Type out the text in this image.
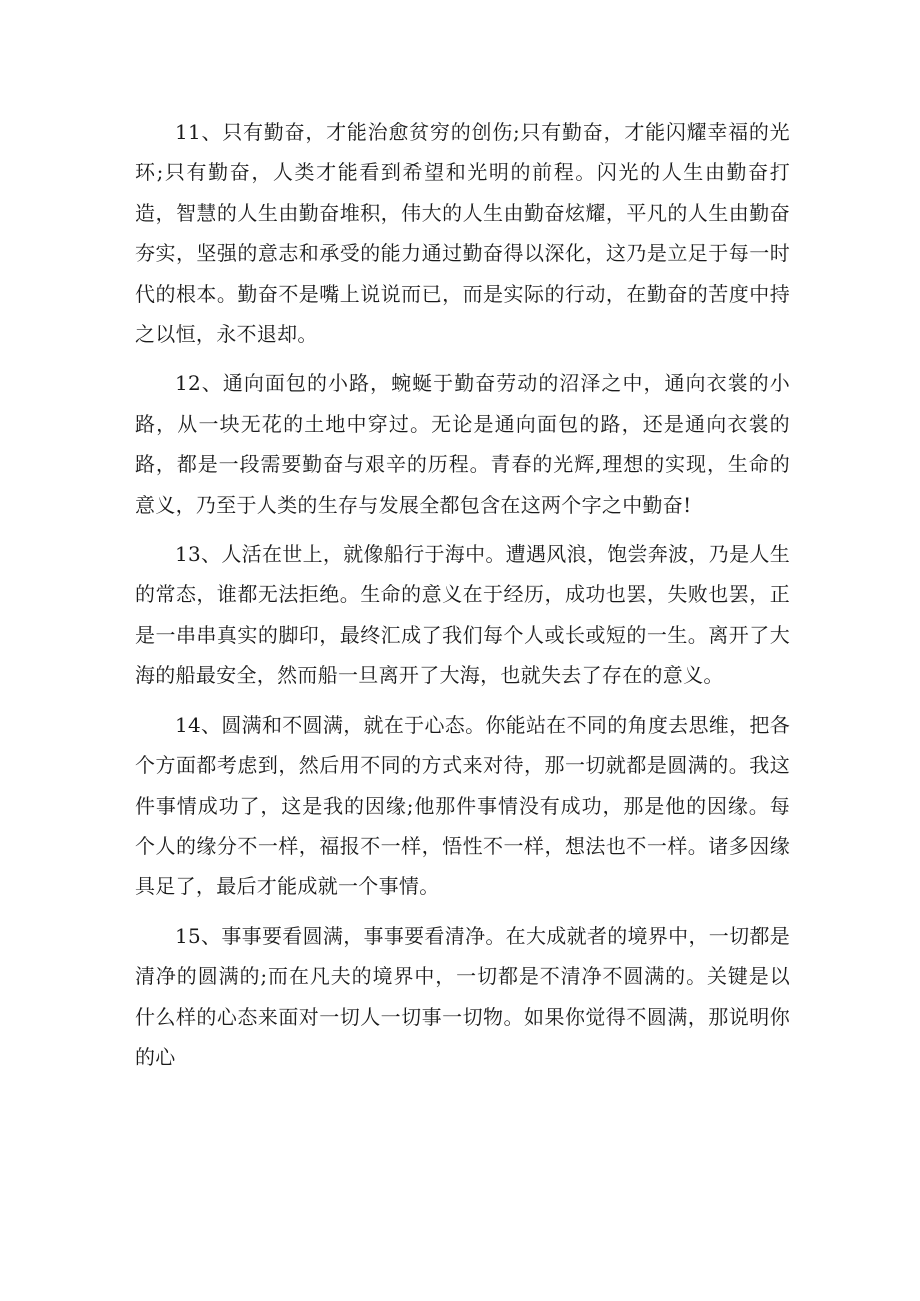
11、只有勤奋，才能治愈贫穷的创伤;只有勤奋，才能闪耀幸福的光环;只有勤奋，人类才能看到希望和光明的前程。闪光的人生由勤奋打造，智慧的人生由勤奋堆积，伟大的人生由勤奋炫耀，平凡的人生由勤奋夯实，坚强的意志和承受的能力通过勤奋得以深化，这乃是立足于每一时代的根本。勤奋不是嘴上说说而已，而是实际的行动，在勤奋的苦度中持之以恒，永不退却。

12、通向面包的小路，蜿蜒于勤奋劳动的沼泽之中，通向衣裳的小路，从一块无花的土地中穿过。无论是通向面包的路，还是通向衣裳的路，都是一段需要勤奋与艰辛的历程。青春的光辉,理想的实现，生命的意义，乃至于人类的生存与发展全都包含在这两个字之中勤奋!

13、人活在世上，就像船行于海中。遭遇风浪，饱尝奔波，乃是人生的常态，谁都无法拒绝。生命的意义在于经历，成功也罢，失败也罢，正是一串串真实的脚印，最终汇成了我们每个人或长或短的一生。离开了大海的船最安全，然而船一旦离开了大海，也就失去了存在的意义。

14、圆满和不圆满，就在于心态。你能站在不同的角度去思维，把各个方面都考虑到，然后用不同的方式来对待，那一切就都是圆满的。我这件事情成功了，这是我的因缘;他那件事情没有成功，那是他的因缘。每个人的缘分不一样，福报不一样，悟性不一样，想法也不一样。诸多因缘具足了，最后才能成就一个事情。

15、事事要看圆满，事事要看清净。在大成就者的境界中，一切都是清净的圆满的;而在凡夫的境界中，一切都是不清净不圆满的。关键是以什么样的心态来面对一切人一切事一切物。如果你觉得不圆满，那说明你的心
